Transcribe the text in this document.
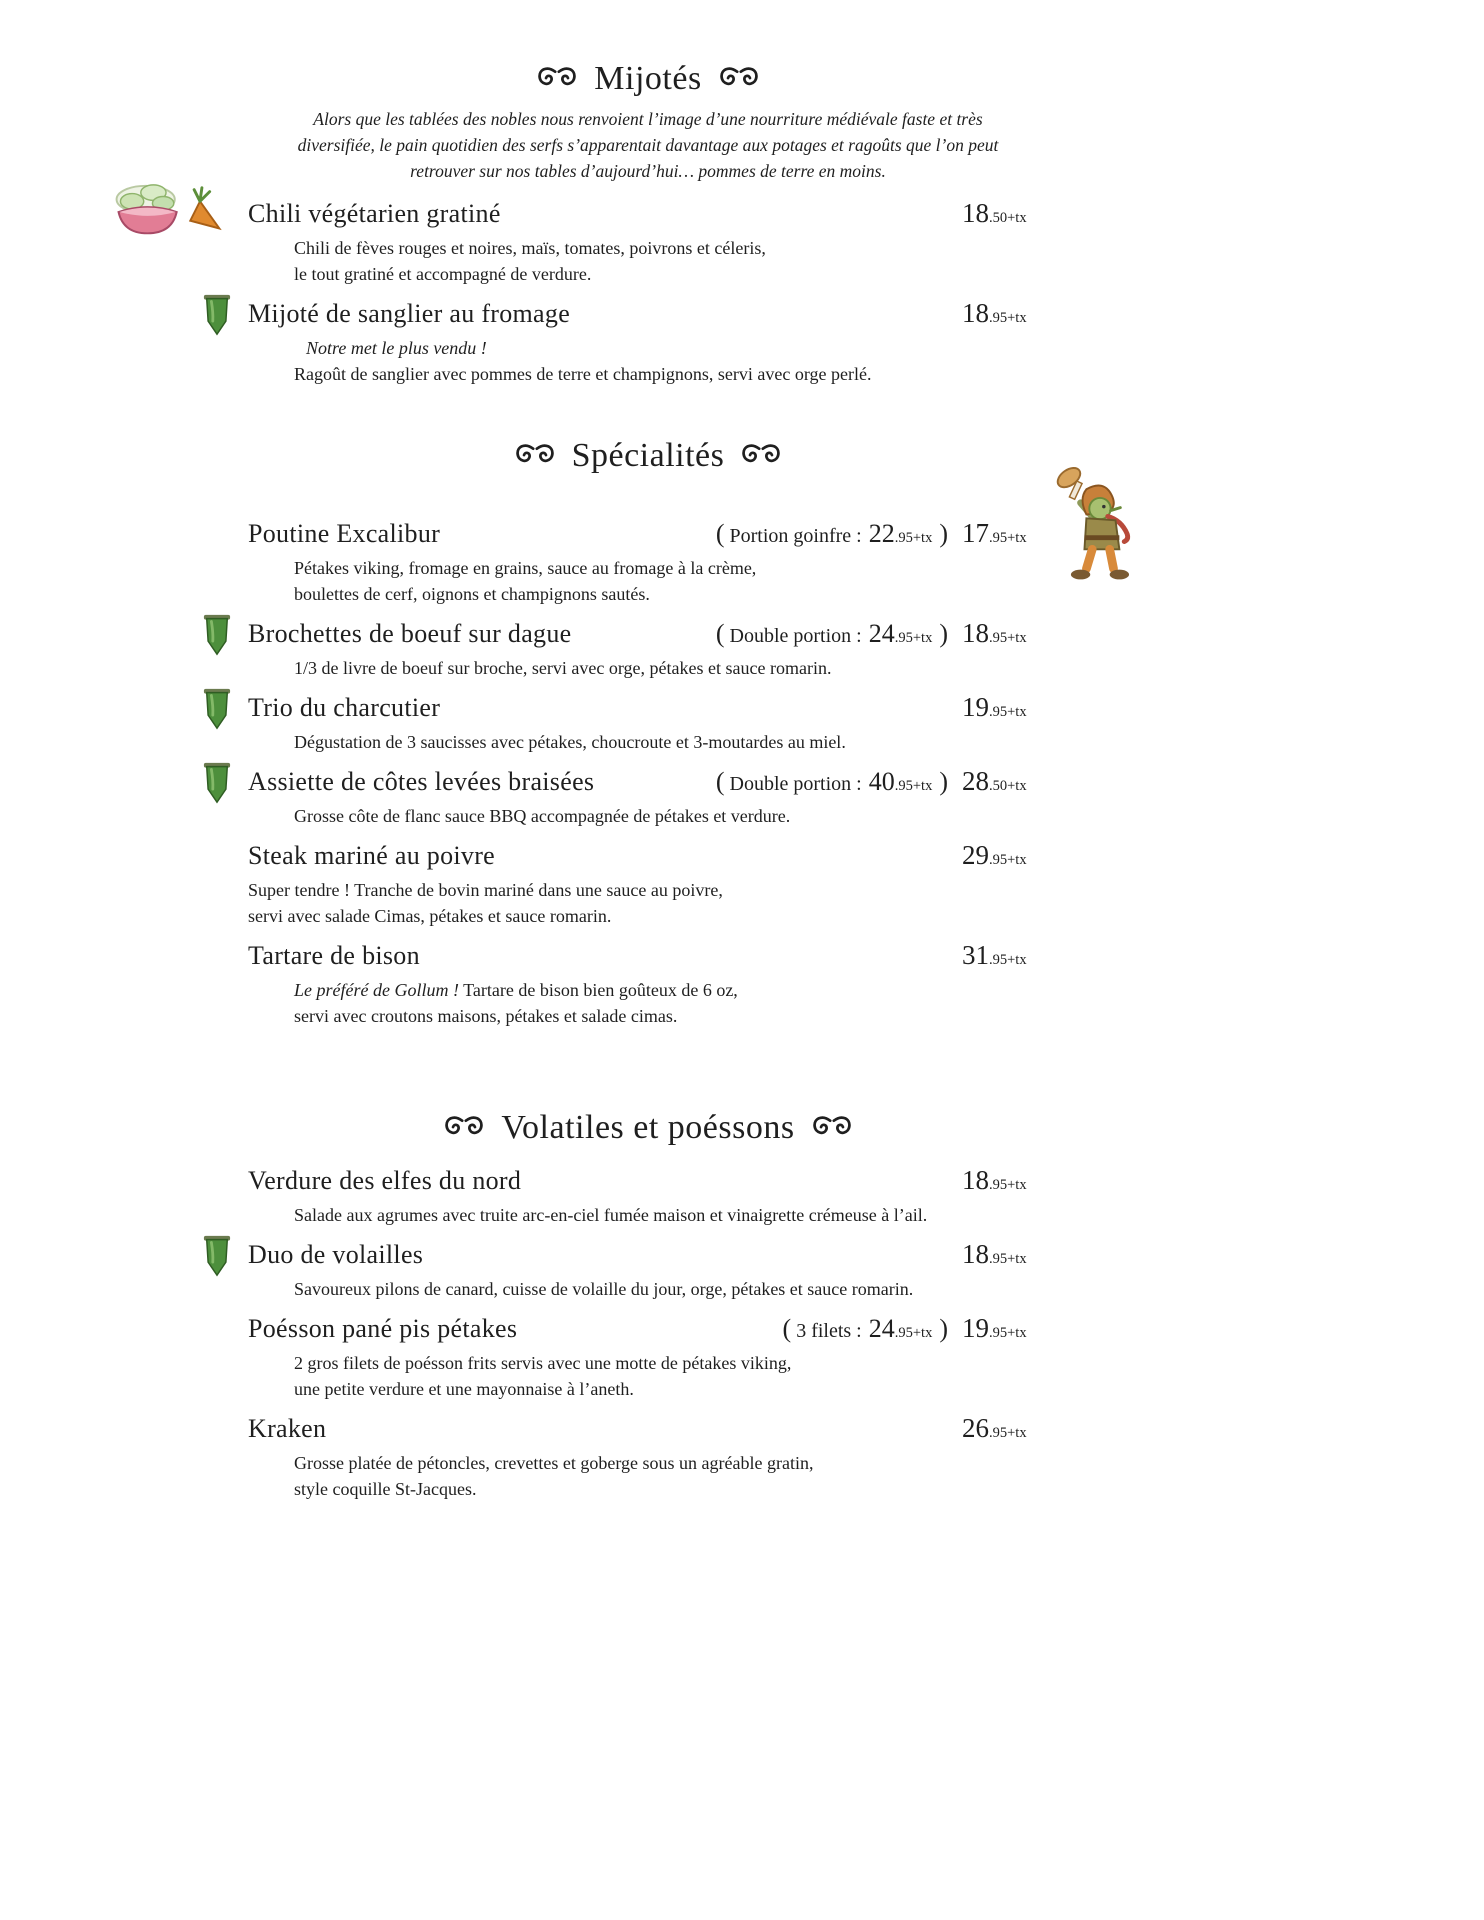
Mijotés
Alors que les tablées des nobles nous renvoient l’image d’une nourriture médiévale faste et très
diversifiée, le pain quotidien des serfs s’apparentait davantage aux potages et ragoûts que l’on peut
retrouver sur nos tables d’aujourd’hui… pommes de terre en moins.
Chili végétarien gratiné	18.50+tx
Chili de fèves rouges et noires, maïs, tomates, poivrons et céleris,
le tout gratiné et accompagné de verdure.
Mijoté de sanglier au fromage	18.95+tx
Notre met le plus vendu !
Ragoût de sanglier avec pommes de terre et champignons, servi avec orge perlé.
Spécialités
Poutine Excalibur	( Portion goinfre : 22.95+tx ) 17.95+tx
Pétakes viking, fromage en grains, sauce au fromage à la crème,
boulettes de cerf, oignons et champignons sautés.
Brochettes de boeuf sur dague	( Double portion : 24.95+tx ) 18.95+tx
1/3 de livre de boeuf sur broche, servi avec orge, pétakes et sauce romarin.
Trio du charcutier	19.95+tx
Dégustation de 3 saucisses avec pétakes, choucroute et 3-moutardes au miel.
Assiette de côtes levées braisées	( Double portion : 40.95+tx ) 28.50+tx
Grosse côte de flanc sauce BBQ accompagnée de pétakes et verdure.
Steak mariné au poivre	29.95+tx
Super tendre ! Tranche de bovin mariné dans une sauce au poivre,
servi avec salade Cimas, pétakes et sauce romarin.
Tartare de bison	31.95+tx
Le préféré de Gollum ! Tartare de bison bien goûteux de 6 oz,
servi avec croutons maisons, pétakes et salade cimas.
Volatiles et poéssons
Verdure des elfes du nord	18.95+tx
Salade aux agrumes avec truite arc-en-ciel fumée maison et vinaigrette crémeuse à l’ail.
Duo de volailles	18.95+tx
Savoureux pilons de canard, cuisse de volaille du jour, orge, pétakes et sauce romarin.
Poésson pané pis pétakes	( 3 filets : 24.95+tx ) 19.95+tx
2 gros filets de poésson frits servis avec une motte de pétakes viking,
une petite verdure et une mayonnaise à l’aneth.
Kraken	26.95+tx
Grosse platée de pétoncles, crevettes et goberge sous un agréable gratin,
style coquille St-Jacques.
